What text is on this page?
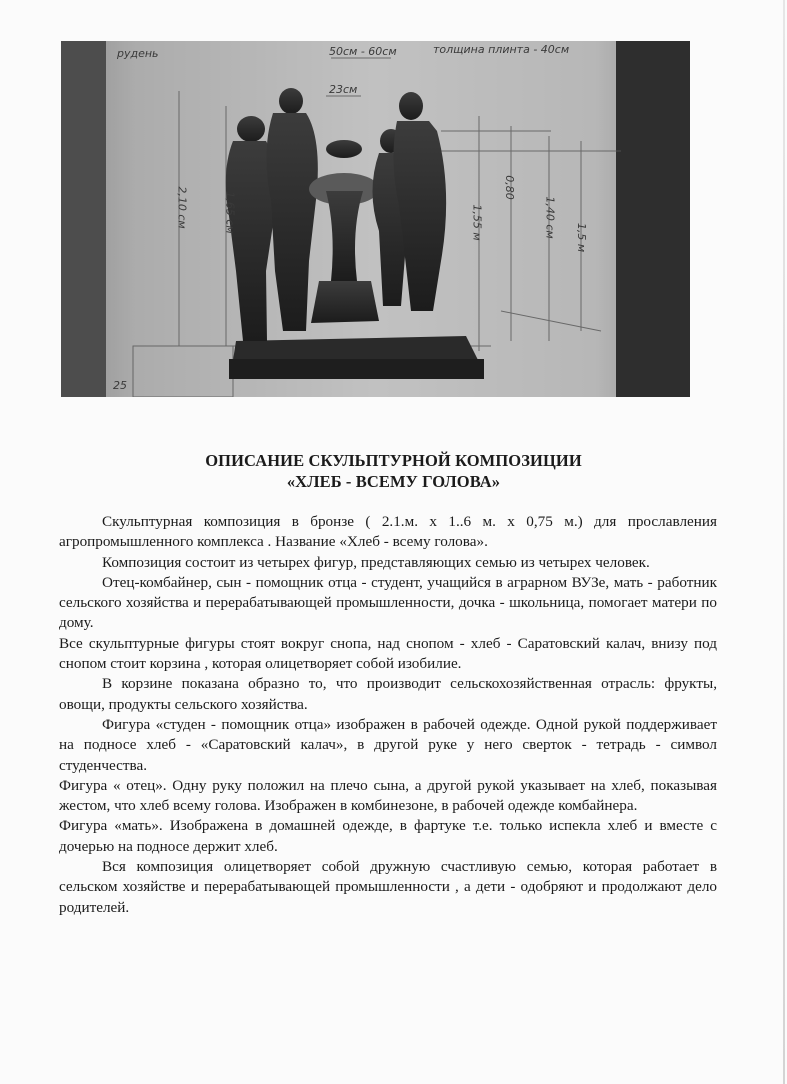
рудень	50см - 60см	толщина плинта - 40см
23см
2,10 см	1,65 см	1,55 м
0,80
1,40 см 1,5 м
25
ОПИСАНИЕ СКУЛЬПТУРНОЙ КОМПОЗИЦИИ
«ХЛЕБ - ВСЕМУ ГОЛОВА»

Скульптурная композиция в бронзе ( 2.1.м. х 1..6 м. х 0,75 м.) для прославления агропромышленного комплекса . Название «Хлеб - всему голова».

Композиция состоит из четырех фигур, представляющих семью из четырех человек.

Отец-комбайнер, сын - помощник отца - студент, учащийся в аграрном ВУЗе, мать - работник сельского хозяйства и перерабатывающей промышленности, дочка - школьница, помогает матери по дому.

Все скульптурные фигуры стоят вокруг снопа, над снопом - хлеб - Саратовский калач, внизу под снопом стоит корзина , которая олицетворяет собой изобилие.

В корзине показана образно то, что производит сельскохозяйственная отрасль: фрукты, овощи, продукты сельского хозяйства.

Фигура «студен - помощник отца» изображен в рабочей одежде. Одной рукой поддерживает на подносе хлеб - «Саратовский калач», в другой руке у него сверток - тетрадь - символ студенчества.

Фигура « отец». Одну руку положил на плечо сына, а другой рукой указывает на хлеб, показывая жестом, что хлеб всему голова. Изображен в комбинезоне, в рабочей одежде комбайнера.

Фигура «мать». Изображена в домашней одежде, в фартуке т.е. только испекла хлеб и вместе с дочерью на подносе держит хлеб.

Вся композиция олицетворяет собой дружную счастливую семью, которая работает в сельском хозяйстве и перерабатывающей промышленности , а дети - одобряют и продолжают дело родителей.
